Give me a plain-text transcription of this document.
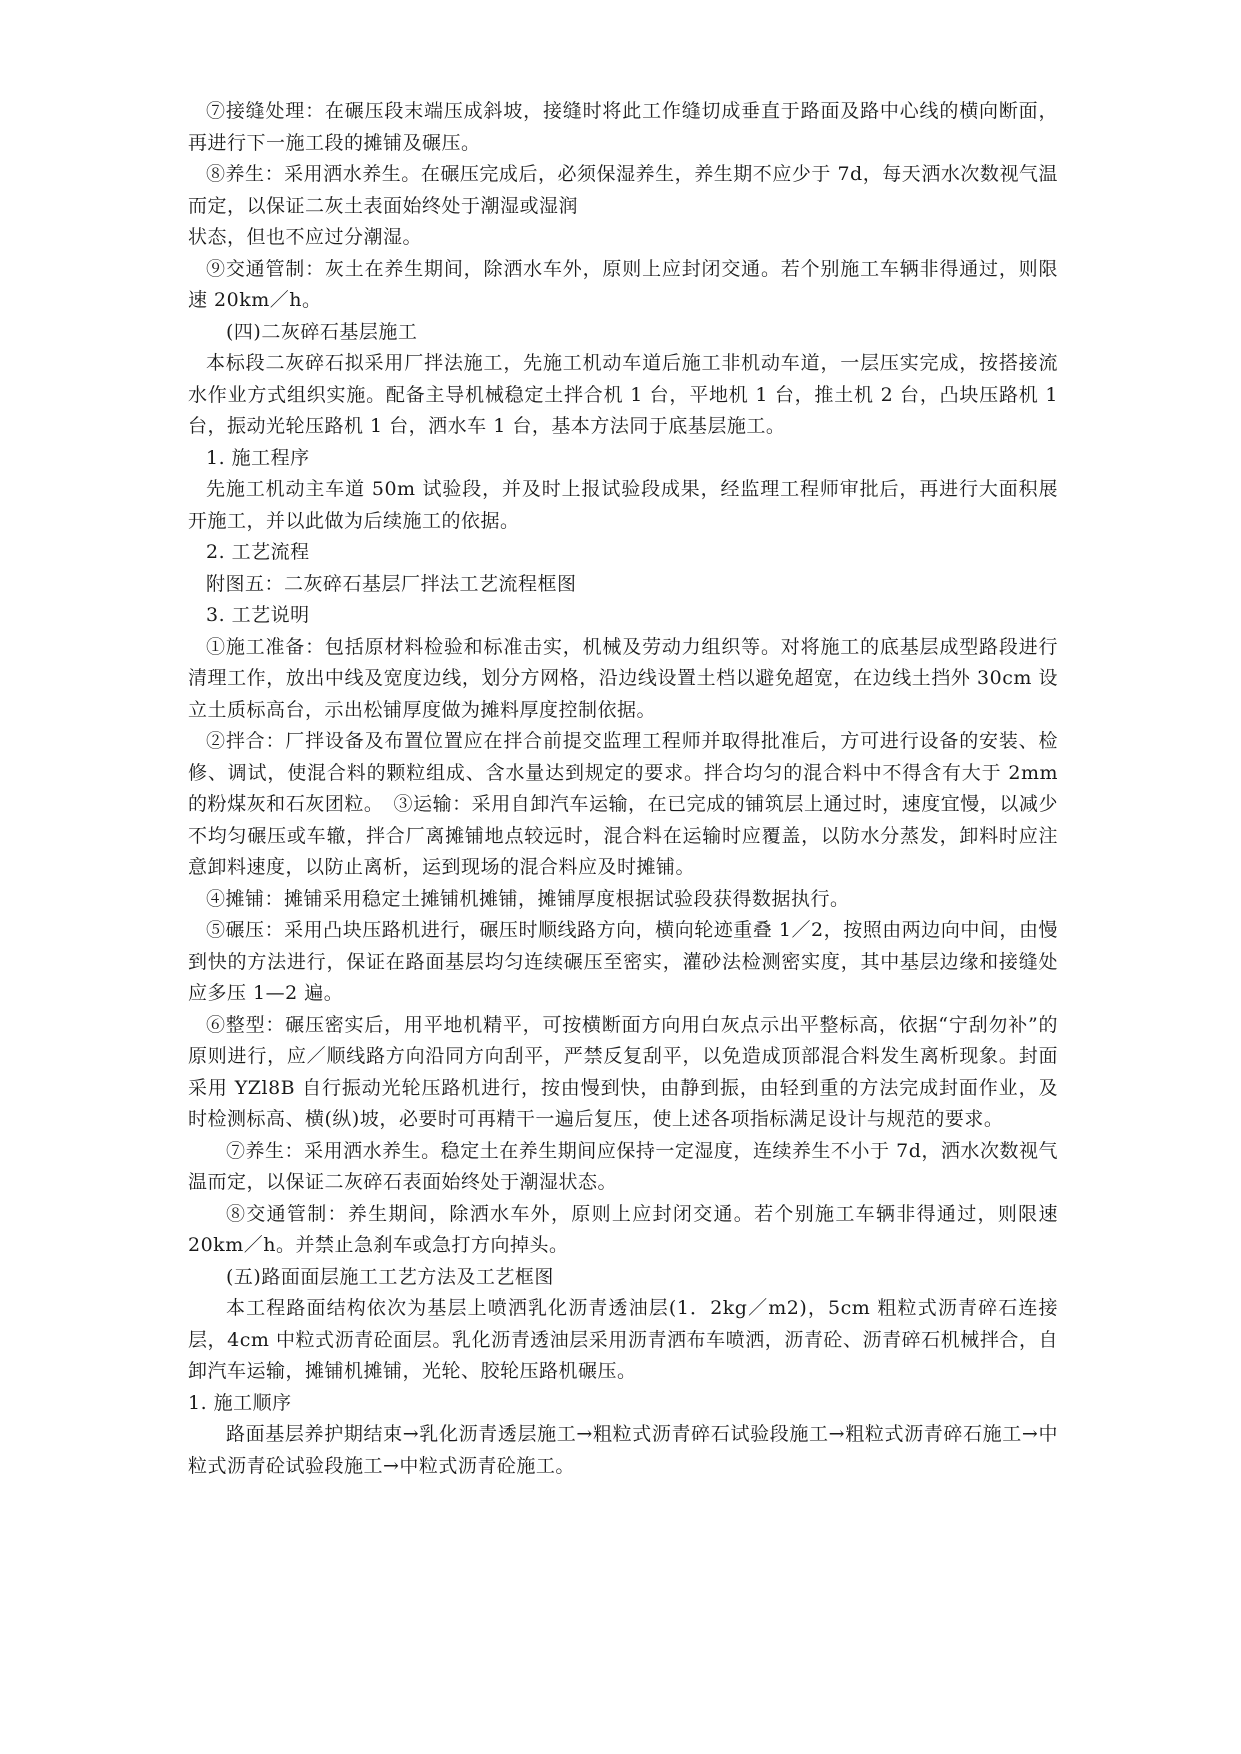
⑦接缝处理：在碾压段末端压成斜坡，接缝时将此工作缝切成垂直于路面及路中心线的横向断面，再进行下一施工段的摊铺及碾压。

⑧养生：采用洒水养生。在碾压完成后，必须保湿养生，养生期不应少于 7d，每天洒水次数视气温而定，以保证二灰土表面始终处于潮湿或湿润

状态，但也不应过分潮湿。

⑨交通管制：灰土在养生期间，除洒水车外，原则上应封闭交通。若个别施工车辆非得通过，则限速 20km／h。

(四)二灰碎石基层施工

本标段二灰碎石拟采用厂拌法施工，先施工机动车道后施工非机动车道，一层压实完成，按搭接流水作业方式组织实施。配备主导机械稳定土拌合机 1 台，平地机 1 台，推土机 2 台，凸块压路机 1 台，振动光轮压路机 1 台，洒水车 1 台，基本方法同于底基层施工。

1. 施工程序

先施工机动主车道 50m 试验段，并及时上报试验段成果，经监理工程师审批后，再进行大面积展开施工，并以此做为后续施工的依据。

2. 工艺流程

附图五：二灰碎石基层厂拌法工艺流程框图

3. 工艺说明

①施工准备：包括原材料检验和标准击实，机械及劳动力组织等。对将施工的底基层成型路段进行清理工作，放出中线及宽度边线，划分方网格，沿边线设置土档以避免超宽，在边线土挡外 30cm 设立土质标高台，示出松铺厚度做为摊料厚度控制依据。

②拌合：厂拌设备及布置位置应在拌合前提交监理工程师并取得批准后，方可进行设备的安装、检修、调试，使混合料的颗粒组成、含水量达到规定的要求。拌合均匀的混合料中不得含有大于 2mm 的粉煤灰和石灰团粒。　③运输：采用自卸汽车运输，在已完成的铺筑层上通过时，速度宜慢，以减少不均匀碾压或车辙，拌合厂离摊铺地点较远时，混合料在运输时应覆盖，以防水分蒸发，卸料时应注意卸料速度，以防止离析，运到现场的混合料应及时摊铺。

④摊铺：摊铺采用稳定土摊铺机摊铺，摊铺厚度根据试验段获得数据执行。

⑤碾压：采用凸块压路机进行，碾压时顺线路方向，横向轮迹重叠 1／2，按照由两边向中间，由慢到快的方法进行，保证在路面基层均匀连续碾压至密实，灌砂法检测密实度，其中基层边缘和接缝处应多压 1—2 遍。

⑥整型：碾压密实后，用平地机精平，可按横断面方向用白灰点示出平整标高，依据“宁刮勿补”的原则进行，应／顺线路方向沿同方向刮平，严禁反复刮平，以免造成顶部混合料发生离析现象。封面采用 YZl8B 自行振动光轮压路机进行，按由慢到快，由静到振，由轻到重的方法完成封面作业，及时检测标高、横(纵)坡，必要时可再精干一遍后复压，使上述各项指标满足设计与规范的要求。

⑦养生：采用洒水养生。稳定土在养生期间应保持一定湿度，连续养生不小于 7d，洒水次数视气温而定，以保证二灰碎石表面始终处于潮湿状态。

⑧交通管制：养生期间，除洒水车外，原则上应封闭交通。若个别施工车辆非得通过，则限速 20km／h。并禁止急刹车或急打方向掉头。

(五)路面面层施工工艺方法及工艺框图

本工程路面结构依次为基层上喷洒乳化沥青透油层(1．2kg／m2)，5cm 粗粒式沥青碎石连接层，4cm 中粒式沥青砼面层。乳化沥青透油层采用沥青洒布车喷洒，沥青砼、沥青碎石机械拌合，自卸汽车运输，摊铺机摊铺，光轮、胶轮压路机碾压。

1. 施工顺序

路面基层养护期结束→乳化沥青透层施工→粗粒式沥青碎石试验段施工→粗粒式沥青碎石施工→中粒式沥青砼试验段施工→中粒式沥青砼施工。
